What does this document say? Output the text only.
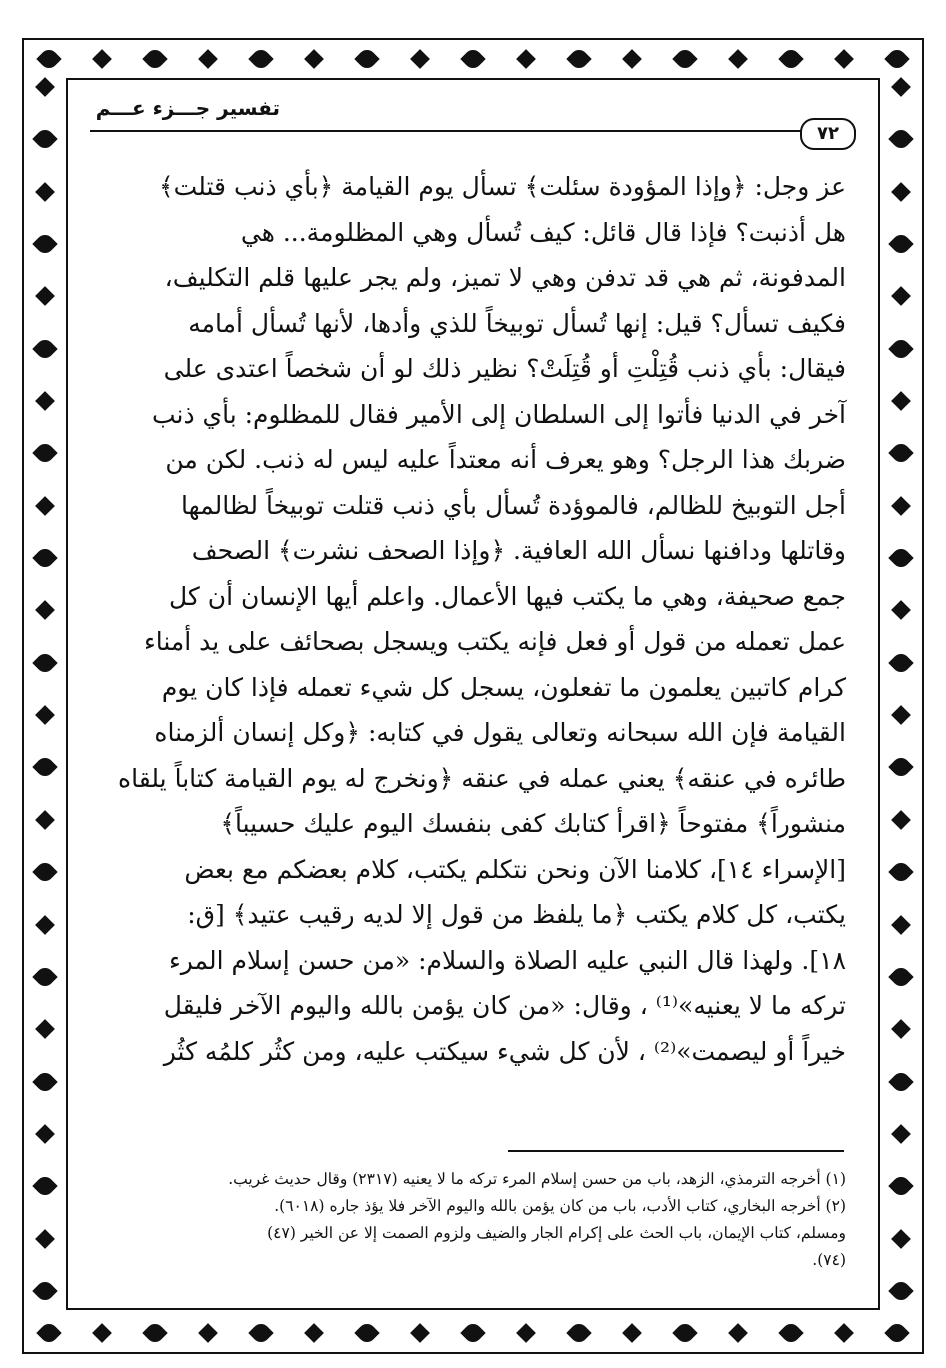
تفسير جـــزء عـــم
٧٢

عز وجل: ﴿وإذا المؤودة سئلت﴾ تسأل يوم القيامة ﴿بأي ذنب قتلت﴾

هل أذنبت؟ فإذا قال قائل: كيف تُسأل وهي المظلومة... هي

المدفونة، ثم هي قد تدفن وهي لا تميز، ولم يجر عليها قلم التكليف،

فكيف تسأل؟ قيل: إنها تُسأل توبيخاً للذي وأدها، لأنها تُسأل أمامه

فيقال: بأي ذنب قُتِلْتِ أو قُتِلَتْ؟ نظير ذلك لو أن شخصاً اعتدى على

آخر في الدنيا فأتوا إلى السلطان إلى الأمير فقال للمظلوم: بأي ذنب

ضربك هذا الرجل؟ وهو يعرف أنه معتداً عليه ليس له ذنب. لكن من

أجل التوبيخ للظالم، فالموؤدة تُسأل بأي ذنب قتلت توبيخاً لظالمها

وقاتلها ودافنها نسأل الله العافية. ﴿وإذا الصحف نشرت﴾ الصحف

جمع صحيفة، وهي ما يكتب فيها الأعمال. واعلم أيها الإنسان أن كل

عمل تعمله من قول أو فعل فإنه يكتب ويسجل بصحائف على يد أمناء

كرام كاتبين يعلمون ما تفعلون، يسجل كل شيء تعمله فإذا كان يوم

القيامة فإن الله سبحانه وتعالى يقول في كتابه: ﴿وكل إنسان ألزمناه

طائره في عنقه﴾ يعني عمله في عنقه ﴿ونخرج له يوم القيامة كتاباً يلقاه

منشوراً﴾ مفتوحاً ﴿اقرأ كتابك كفى بنفسك اليوم عليك حسيباً﴾

[الإسراء ١٤]، كلامنا الآن ونحن نتكلم يكتب، كلام بعضكم مع بعض

يكتب، كل كلام يكتب ﴿ما يلفظ من قول إلا لديه رقيب عتيد﴾ [ق:

١٨]. ولهذا قال النبي عليه الصلاة والسلام: «من حسن إسلام المرء

تركه ما لا يعنيه»⁽¹⁾ ، وقال: «من كان يؤمن بالله واليوم الآخر فليقل

خيراً أو ليصمت»⁽²⁾ ، لأن كل شيء سيكتب عليه، ومن كثُر كلمُه كثُر

(١) أخرجه الترمذي، الزهد، باب من حسن إسلام المرء تركه ما لا يعنيه (٢٣١٧) وقال حديث غريب.

(٢) أخرجه البخاري، كتاب الأدب، باب من كان يؤمن بالله واليوم الآخر فلا يؤذ جاره (٦٠١٨).

ومسلم، كتاب الإيمان، باب الحث على إكرام الجار والضيف ولزوم الصمت إلا عن الخير (٤٧)

(٧٤).
